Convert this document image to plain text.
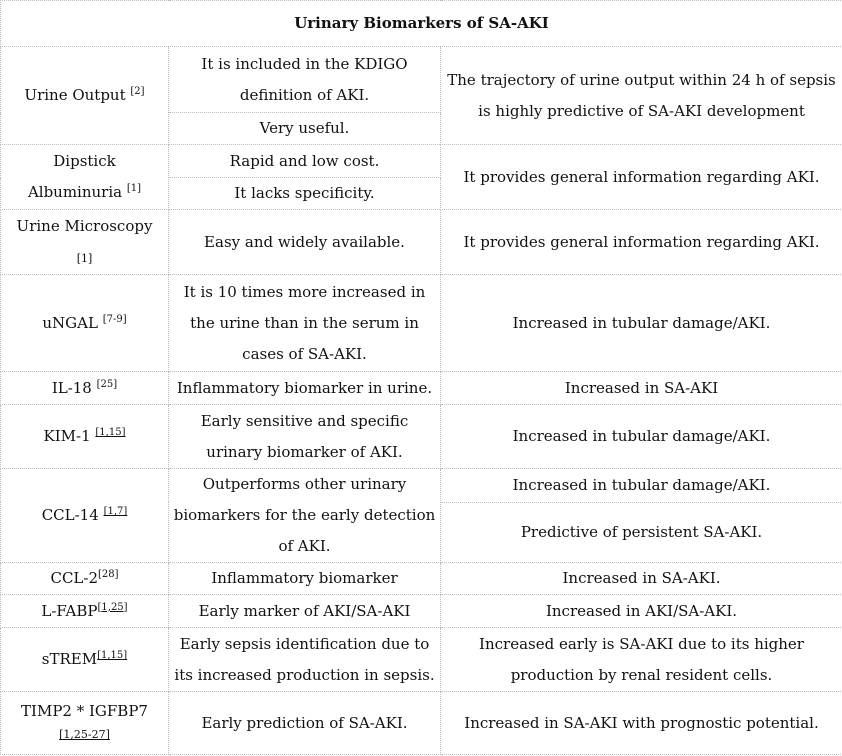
Urinary Biomarkers of SA-AKI		
Urine Output [2]	It is included in the KDIGO definition of AKI.	The trajectory of urine output within 24 h of sepsis is highly predictive of SA-AKI development
	Very useful.	
Dipstick
Albuminuria [1]	Rapid and low cost.	It provides general information regarding AKI.
	It lacks specificity.	
Urine Microscopy
[1]	Easy and widely available.	It provides general information regarding AKI.
uNGAL [7-9]	It is 10 times more increased in the urine than in the serum in cases of SA-AKI.	Increased in tubular damage/AKI.
IL-18 [25]	Inflammatory biomarker in urine.	Increased in SA-AKI
KIM-1 [1,15]	Early sensitive and specific urinary biomarker of AKI.	Increased in tubular damage/AKI.
CCL-14 [1,7]	Outperforms other urinary biomarkers for the early detection of AKI.	Increased in tubular damage/AKI.
		Predictive of persistent SA-AKI.
CCL-2[28]	Inflammatory biomarker	Increased in SA-AKI.
L-FABP[1,25]	Early marker of AKI/SA-AKI	Increased in AKI/SA-AKI.
sTREM[1,15]	Early sepsis identification due to its increased production in sepsis.	Increased early is SA-AKI due to its higher production by renal resident cells.
TIMP2 * IGFBP7
[1,25-27]	Early prediction of SA-AKI.	Increased in SA-AKI with prognostic potential.
